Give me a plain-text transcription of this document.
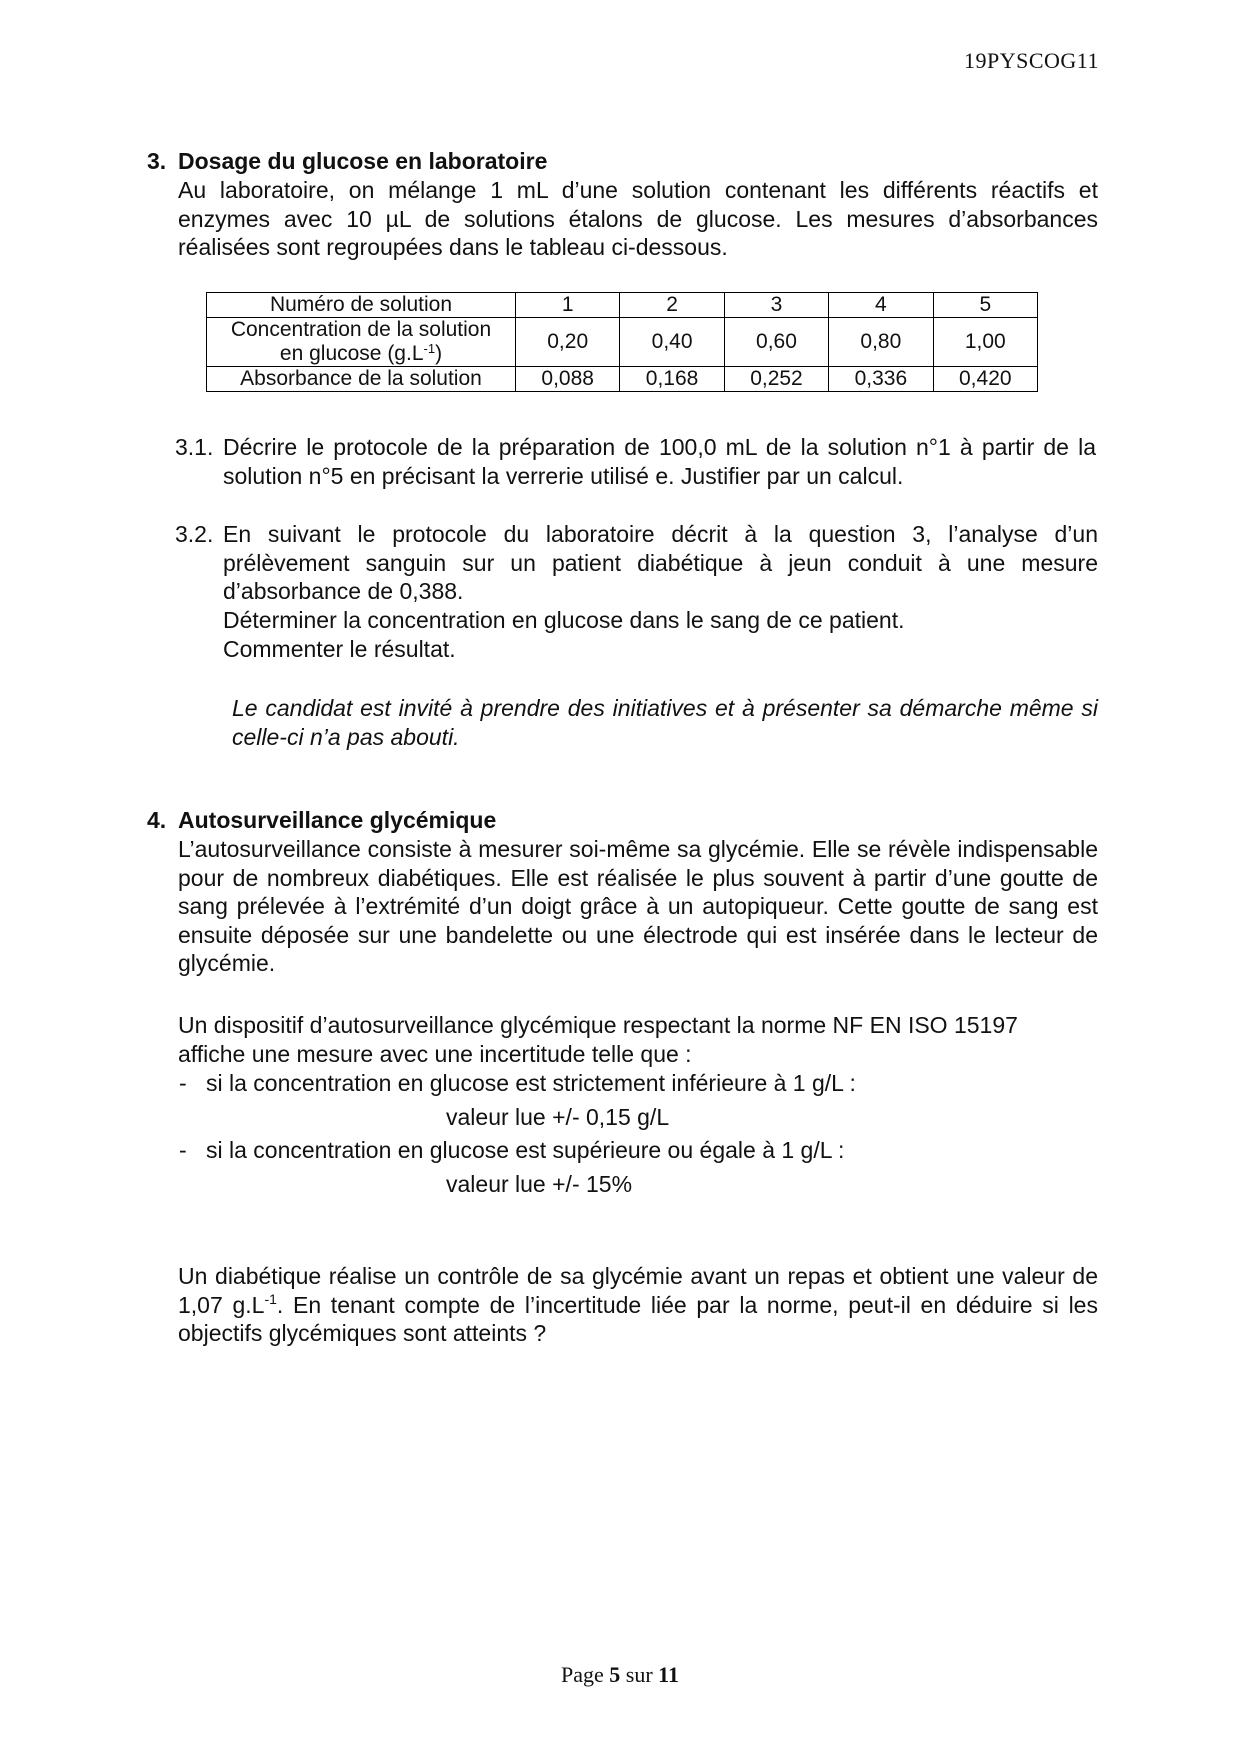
19PYSCOG11
3. Dosage du glucose en laboratoire
Au laboratoire, on mélange 1 mL d’une solution contenant les différents réactifs et enzymes avec 10 µL de solutions étalons de glucose. Les mesures d’absorbances réalisées sont regroupées dans le tableau ci-dessous.
Numéro de solution	1	2	3	4	5

Concentration de la solution
en glucose $(g.L^{-1})$	0,20	0,40	0,60	0,80	1,00
Absorbance de la solution	0,088	0,168	0,252	0,336	0,420
3.1. Décrire le protocole de la préparation de 100,0 mL de la solution n°1 à partir de la solution n°5 en précisant la verrerie utilisé e. Justifier par un calcul.
3.2. En suivant le protocole du laboratoire décrit à la question 3, l’analyse d’un prélèvement sanguin sur un patient diabétique à jeun conduit à une mesure d’absorbance de 0,388.
Déterminer la concentration en glucose dans le sang de ce patient.
Commenter le résultat.
Le candidat est invité à prendre des initiatives et à présenter sa démarche même si celle-ci n’a pas abouti.
4. Autosurveillance glycémique
L’autosurveillance consiste à mesurer soi-même sa glycémie. Elle se révèle indispensable pour de nombreux diabétiques. Elle est réalisée le plus souvent à partir d’une goutte de sang prélevée à l’extrémité d’un doigt grâce à un autopiqueur. Cette goutte de sang est ensuite déposée sur une bandelette ou une électrode qui est insérée dans le lecteur de glycémie.
Un dispositif d’autosurveillance glycémique respectant la norme NF EN ISO 15197
affiche une mesure avec une incertitude telle que :
- si la concentration en glucose est strictement inférieure à 1 g/L :
valeur lue +/- 0,15 g/L
- si la concentration en glucose est supérieure ou égale à 1 g/L :
valeur lue +/- 15%
Un diabétique réalise un contrôle de sa glycémie avant un repas et obtient une valeur de 1,07 $g.L^{-1}$. En tenant compte de l’incertitude liée par la norme, peut-il en déduire si les objectifs glycémiques sont atteints ?
Page 5 sur 11
